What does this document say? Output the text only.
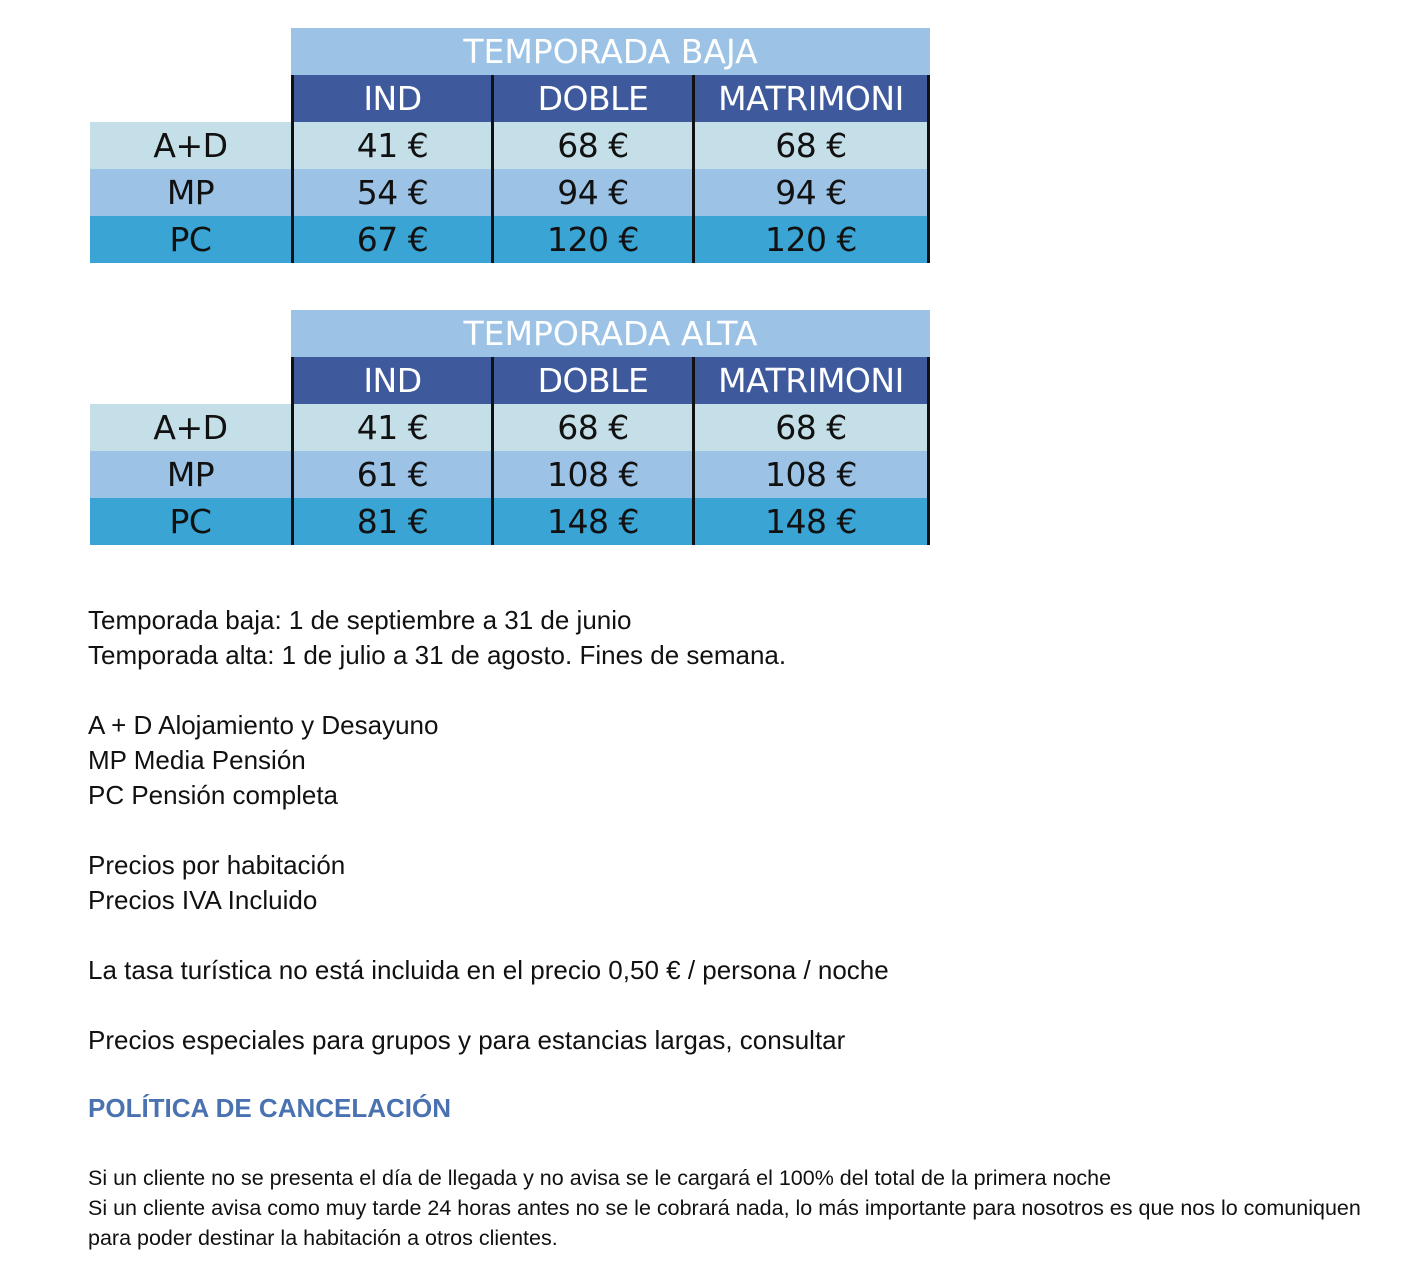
TEMPORADA BAJA
IND	DOBLE	MATRIMONI
A+D	41 €	68 €	68 €
MP	54 €	94 €	94 €
PC	67 €	120 €	120 €
TEMPORADA ALTA
IND	DOBLE	MATRIMONI
A+D	41 €	68 €	68 €
MP	61 €	108 €	108 €
PC	81 €	148 €	148 €

Temporada baja: 1 de septiembre a 31 de junio

Temporada alta: 1 de julio a 31 de agosto. Fines de semana.

A + D Alojamiento y Desayuno

MP Media Pensión

PC Pensión completa

Precios por habitación

Precios IVA Incluido

La tasa turística no está incluida en el precio 0,50 € / persona / noche

Precios especiales para grupos y para estancias largas, consultar

POLÍTICA DE CANCELACIÓN

Si un cliente no se presenta el día de llegada y no avisa se le cargará el 100% del total de la primera noche

Si un cliente avisa como muy tarde 24 horas antes no se le cobrará nada, lo más importante para nosotros es que nos lo comuniquen para poder destinar la habitación a otros clientes.
